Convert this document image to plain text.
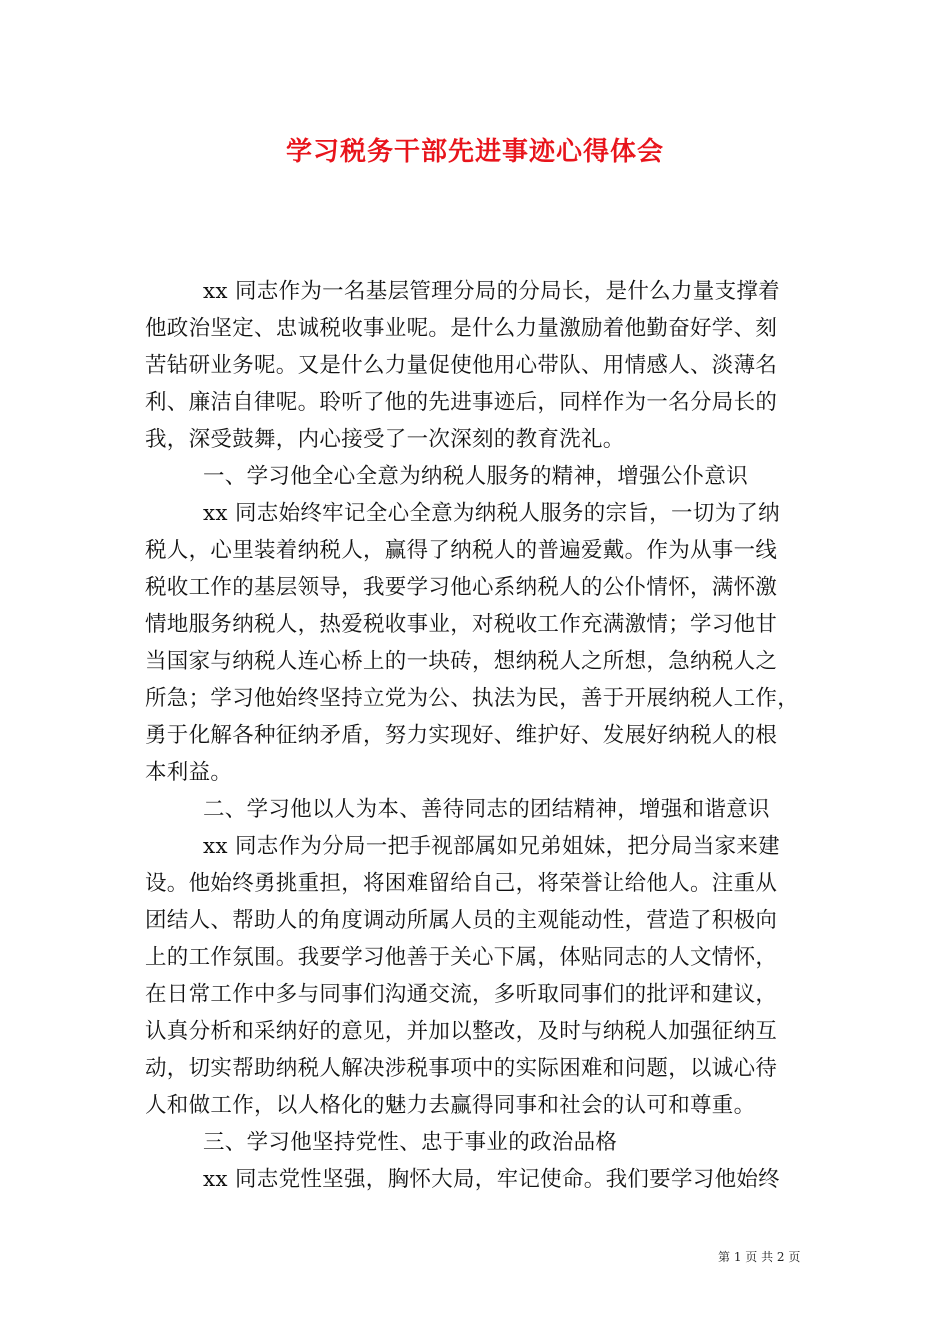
学习税务干部先进事迹心得体会
xx 同志作为一名基层管理分局的分局长，是什么力量支撑着
他政治坚定、忠诚税收事业呢。是什么力量激励着他勤奋好学、刻
苦钻研业务呢。又是什么力量促使他用心带队、用情感人、淡薄名
利、廉洁自律呢。聆听了他的先进事迹后，同样作为一名分局长的
我，深受鼓舞，内心接受了一次深刻的教育洗礼。
一、学习他全心全意为纳税人服务的精神，增强公仆意识
xx 同志始终牢记全心全意为纳税人服务的宗旨，一切为了纳
税人，心里装着纳税人，赢得了纳税人的普遍爱戴。作为从事一线
税收工作的基层领导，我要学习他心系纳税人的公仆情怀，满怀激
情地服务纳税人，热爱税收事业，对税收工作充满激情；学习他甘
当国家与纳税人连心桥上的一块砖，想纳税人之所想，急纳税人之
所急；学习他始终坚持立党为公、执法为民，善于开展纳税人工作，
勇于化解各种征纳矛盾，努力实现好、维护好、发展好纳税人的根
本利益。
二、学习他以人为本、善待同志的团结精神，增强和谐意识
xx 同志作为分局一把手视部属如兄弟姐妹，把分局当家来建
设。他始终勇挑重担，将困难留给自己，将荣誉让给他人。注重从
团结人、帮助人的角度调动所属人员的主观能动性，营造了积极向
上的工作氛围。我要学习他善于关心下属，体贴同志的人文情怀，
在日常工作中多与同事们沟通交流，多听取同事们的批评和建议，
认真分析和采纳好的意见，并加以整改，及时与纳税人加强征纳互
动，切实帮助纳税人解决涉税事项中的实际困难和问题，以诚心待
人和做工作，以人格化的魅力去赢得同事和社会的认可和尊重。
三、学习他坚持党性、忠于事业的政治品格
xx 同志党性坚强，胸怀大局，牢记使命。我们要学习他始终
第 1 页 共 2 页
